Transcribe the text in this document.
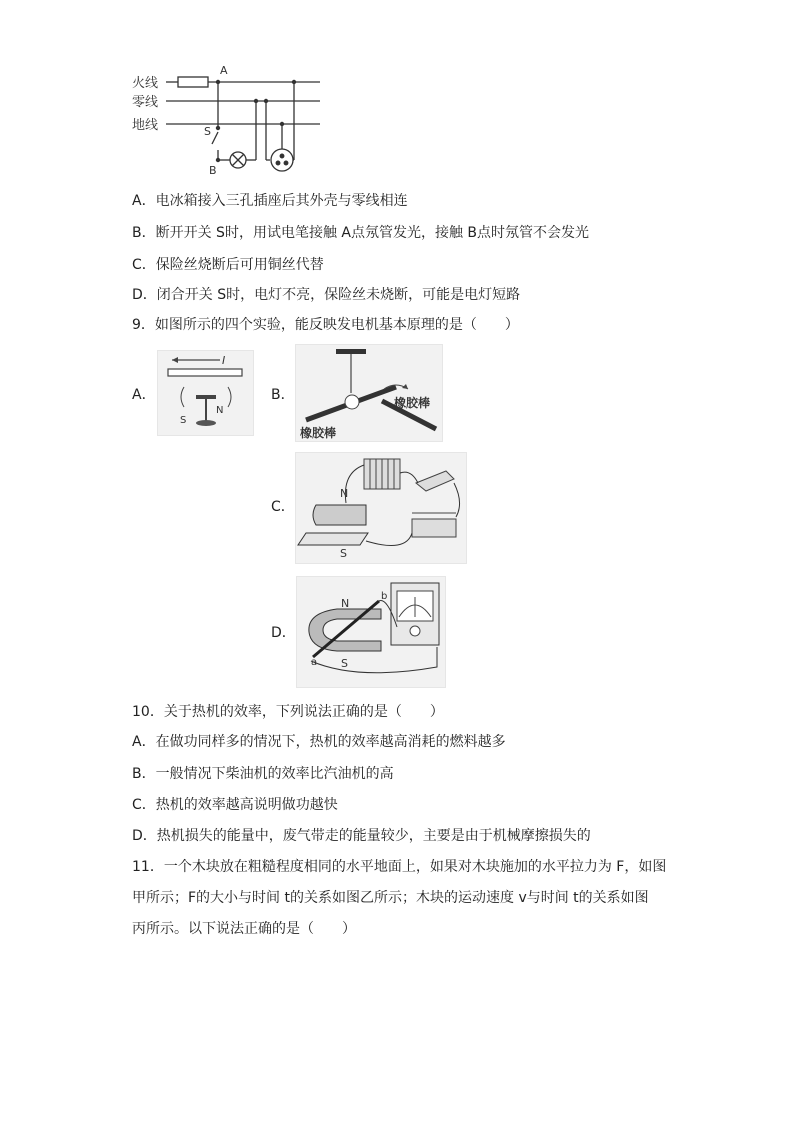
火线
零线
地线
A
S
B
A．电冰箱接入三孔插座后其外壳与零线相连
B．断开开关 S时，用试电笔接触 A点氖管发光，接触 B点时氖管不会发光
C．保险丝烧断后可用铜丝代替
D．闭合开关 S时，电灯不亮，保险丝未烧断，可能是电灯短路
9．如图所示的四个实验，能反映发电机基本原理的是（　　）
A．
I
S
N
B．
橡胶棒
橡胶棒
C．
N
S
D．
N
S
a
b
10．关于热机的效率，下列说法正确的是（　　）
A．在做功同样多的情况下，热机的效率越高消耗的燃料越多
B．一般情况下柴油机的效率比汽油机的高
C．热机的效率越高说明做功越快
D．热机损失的能量中，废气带走的能量较少，主要是由于机械摩擦损失的
11．一个木块放在粗糙程度相同的水平地面上，如果对木块施加的水平拉力为 F，如图
甲所示；F的大小与时间 t的关系如图乙所示；木块的运动速度 v与时间 t的关系如图
丙所示。以下说法正确的是（　　）
